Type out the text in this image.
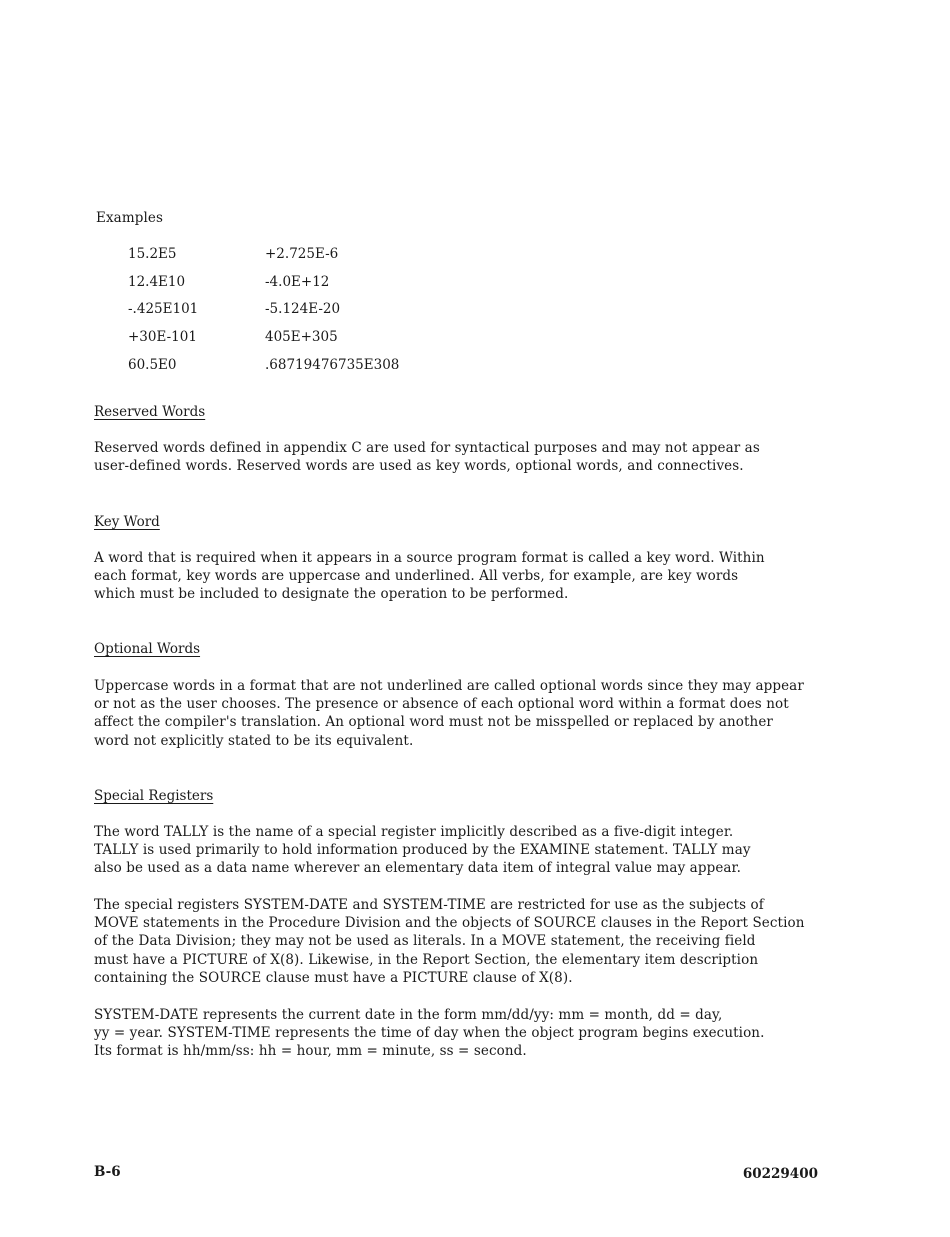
Examples
15.2E5	+2.725E-6
12.4E10	-4.0E+12
-.425E101	-5.124E-20
+30E-101	405E+305
60.5E0	.68719476735E308
Reserved Words
Reserved words defined in appendix C are used for syntactical purposes and may not appear as
user-defined words. Reserved words are used as key words, optional words, and connectives.
Key Word
A word that is required when it appears in a source program format is called a key word. Within
each format, key words are uppercase and underlined. All verbs, for example, are key words
which must be included to designate the operation to be performed.
Optional Words
Uppercase words in a format that are not underlined are called optional words since they may appear
or not as the user chooses. The presence or absence of each optional word within a format does not
affect the compiler's translation. An optional word must not be misspelled or replaced by another
word not explicitly stated to be its equivalent.
Special Registers
The word TALLY is the name of a special register implicitly described as a five-digit integer.
TALLY is used primarily to hold information produced by the EXAMINE statement. TALLY may
also be used as a data name wherever an elementary data item of integral value may appear.
The special registers SYSTEM-DATE and SYSTEM-TIME are restricted for use as the subjects of
MOVE statements in the Procedure Division and the objects of SOURCE clauses in the Report Section
of the Data Division; they may not be used as literals. In a MOVE statement, the receiving field
must have a PICTURE of X(8). Likewise, in the Report Section, the elementary item description
containing the SOURCE clause must have a PICTURE clause of X(8).
SYSTEM-DATE represents the current date in the form mm/dd/yy: mm = month, dd = day,
yy = year. SYSTEM-TIME represents the time of day when the object program begins execution.
Its format is hh/mm/ss: hh = hour, mm = minute, ss = second.
B-6	60229400
